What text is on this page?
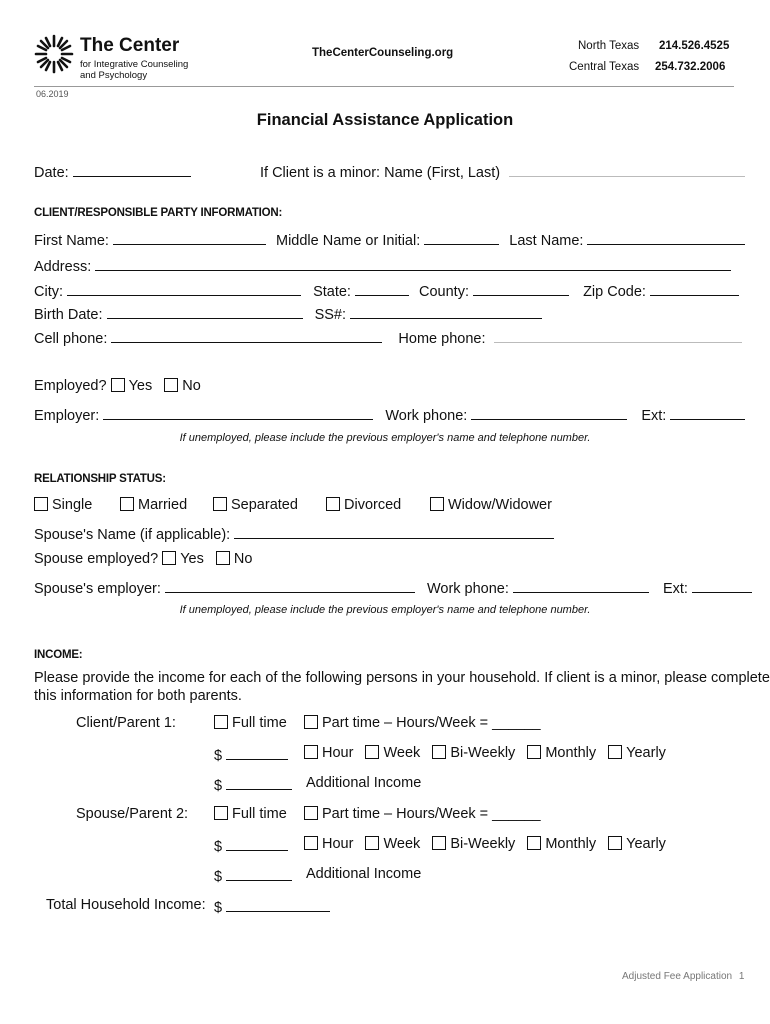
The Center
for Integrative Counseling
and Psychology
TheCenterCounseling.org
North Texas 214.526.4525
Central Texas 254.732.2006
06.2019
Financial Assistance Application
Date:	If Client is a minor: Name (First, Last)
CLIENT/RESPONSIBLE PARTY INFORMATION:
First Name:	Middle Name or Initial:	Last Name:
Address:
City:	State:	County:	Zip Code:
Birth Date:	SS#:
Cell phone:	Home phone:
Employed? Yes No
Employer:	Work phone:	Ext:
If unemployed, please include the previous employer's name and telephone number.
RELATIONSHIP STATUS:
Single	Married	Separated	Divorced	Widow/Widower
Spouse's Name (if applicable):
Spouse employed? Yes No
Spouse's employer:	Work phone:	Ext:
If unemployed, please include the previous employer's name and telephone number.
INCOME:
Please provide the income for each of the following persons in your household. If client is a minor, please complete
this information for both parents.
Client/Parent 1:	Full time	Part time – Hours/Week = ______
$	Hour Week Bi-Weekly Monthly Yearly
$	Additional Income
Spouse/Parent 2:	Full time	Part time – Hours/Week = ______
$	Hour Week Bi-Weekly Monthly Yearly
$	Additional Income
Total Household Income: $
Adjusted Fee Application 1
